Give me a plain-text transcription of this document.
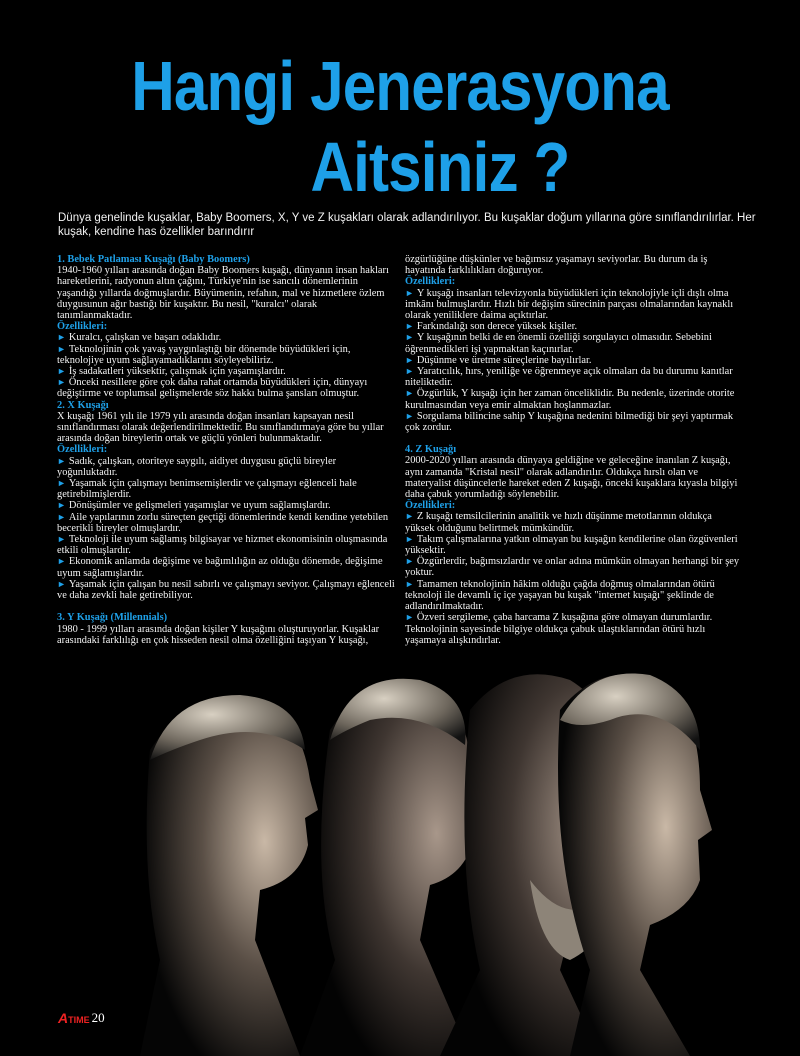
Hangi Jenerasyona
Aitsiniz ?
Dünya genelinde kuşaklar, Baby Boomers, X, Y ve Z kuşakları olarak adlandırılıyor. Bu kuşaklar doğum yıllarına göre sınıflandırılırlar. Her kuşak, kendine has özellikler barındırır

1. Bebek Patlaması Kuşağı (Baby Boomers)

1940-1960 yılları arasında doğan Baby Boomers kuşağı, dünyanın insan hakları hareketlerini, radyonun altın çağını, Türkiye'nin ise sancılı dönemlerinin yaşandığı yıllarda doğmuşlardır. Büyümenin, refahın, mal ve hizmetlere özlem duygusunun ağır bastığı bir kuşaktır. Bu nesil, "kuralcı" olarak tanımlanmaktadır.

Özellikleri:

► Kuralcı, çalışkan ve başarı odaklıdır.

► Teknolojinin çok yavaş yaygınlaştığı bir dönemde büyüdükleri için, teknolojiye uyum sağlayamadıklarını söyleyebiliriz.

► İş sadakatleri yüksektir, çalışmak için yaşamışlardır.

► Önceki nesillere göre çok daha rahat ortamda büyüdükleri için, dünyayı değiştirme ve toplumsal gelişmelerde söz hakkı bulma şansları olmuştur.

2. X Kuşağı

X kuşağı 1961 yılı ile 1979 yılı arasında doğan insanları kapsayan nesil sınıflandırması olarak değerlendirilmektedir. Bu sınıflandırmaya göre bu yıllar arasında doğan bireylerin ortak ve güçlü yönleri bulunmaktadır.

Özellikleri:

► Sadık, çalışkan, otoriteye saygılı, aidiyet duygusu güçlü bireyler yoğunluktadır.

► Yaşamak için çalışmayı benimsemişlerdir ve çalışmayı eğlenceli hale getirebilmişlerdir.

► Dönüşümler ve gelişmeleri yaşamışlar ve uyum sağlamışlardır.

► Aile yapılarının zorlu süreçten geçtiği dönemlerinde kendi kendine yetebilen becerikli bireyler olmuşlardır.

► Teknoloji ile uyum sağlamış bilgisayar ve hizmet ekonomisinin oluşmasında etkili olmuşlardır.

► Ekonomik anlamda değişime ve bağımlılığın az olduğu dönemde, değişime uyum sağlamışlardır.

► Yaşamak için çalışan bu nesil sabırlı ve çalışmayı seviyor. Çalışmayı eğlenceli ve daha zevkli hale getirebiliyor.

3. Y Kuşağı (Millennials)

1980 - 1999 yılları arasında doğan kişiler Y kuşağını oluşturuyorlar. Kuşaklar arasındaki farklılığı en çok hisseden nesil olma özelliğini taşıyan Y kuşağı,

özgürlüğüne düşkünler ve bağımsız yaşamayı seviyorlar. Bu durum da iş hayatında farklılıkları doğuruyor.

Özellikleri:

► Y kuşağı insanları televizyonla büyüdükleri için teknolojiyle içli dışlı olma imkânı bulmuşlardır. Hızlı bir değişim sürecinin parçası olmalarından kaynaklı olarak yeniliklere daima açıktırlar.

► Farkındalığı son derece yüksek kişiler.

► Y kuşağının belki de en önemli özelliği sorgulayıcı olmasıdır. Sebebini öğrenmedikleri işi yapmaktan kaçınırlar.

► Düşünme ve üretme süreçlerine bayılırlar.

► Yaratıcılık, hırs, yeniliğe ve öğrenmeye açık olmaları da bu durumu kanıtlar niteliktedir.

► Özgürlük, Y kuşağı için her zaman önceliklidir. Bu nedenle, üzerinde otorite kurulmasından veya emir almaktan hoşlanmazlar.

► Sorgulama bilincine sahip Y kuşağına nedenini bilmediği bir şeyi yaptırmak çok zordur.

4. Z Kuşağı

2000-2020 yılları arasında dünyaya geldiğine ve geleceğine inanılan Z kuşağı, aynı zamanda "Kristal nesil" olarak adlandırılır. Oldukça hırslı olan ve materyalist düşüncelerle hareket eden Z kuşağı, önceki kuşaklara kıyasla bilgiyi daha çabuk yorumladığı söylenebilir.

Özellikleri:

► Z kuşağı temsilcilerinin analitik ve hızlı düşünme metotlarının oldukça yüksek olduğunu belirtmek mümkündür.

► Takım çalışmalarına yatkın olmayan bu kuşağın kendilerine olan özgüvenleri yüksektir.

► Özgürlerdir, bağımsızlardır ve onlar adına mümkün olmayan herhangi bir şey yoktur.

► Tamamen teknolojinin hâkim olduğu çağda doğmuş olmalarından ötürü teknoloji ile devamlı iç içe yaşayan bu kuşak "internet kuşağı" şeklinde de adlandırılmaktadır.

► Özveri sergileme, çaba harcama Z kuşağına göre olmayan durumlardır. Teknolojinin sayesinde bilgiye oldukça çabuk ulaştıklarından ötürü hızlı yaşamaya alışkındırlar.

ATIME 20
